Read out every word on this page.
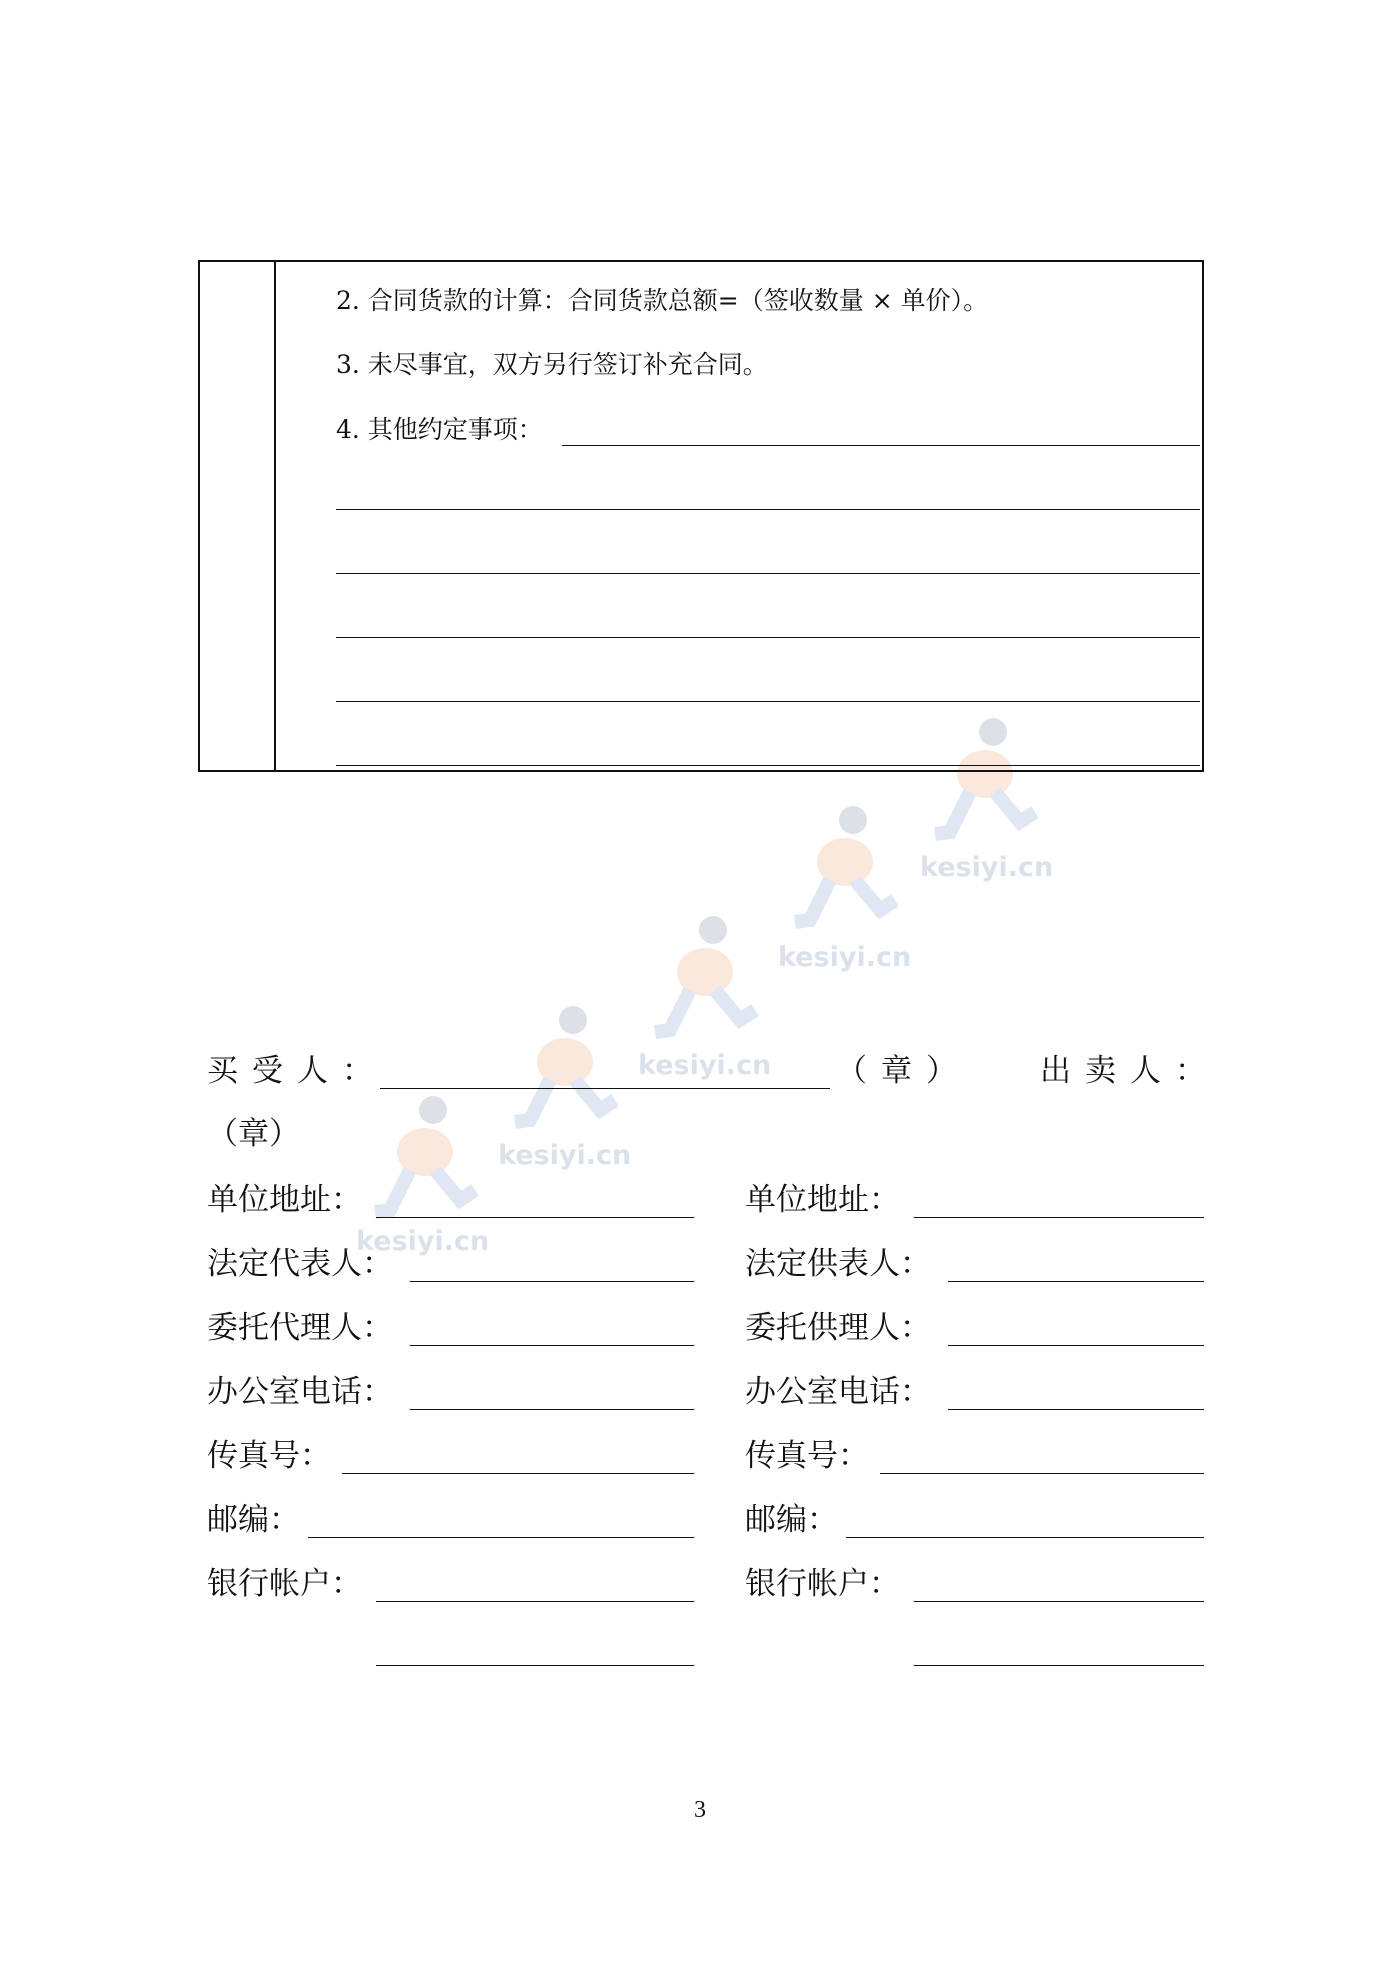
kesiyi.cn
kesiyi.cn
kesiyi.cn
kesiyi.cn
kesiyi.cn
2. 合同货款的计算：合同货款总额=（签收数量 × 单价）。
3. 未尽事宜，双方另行签订补充合同。
4. 其他约定事项：
买受人：	（章） 出卖人：
（章）
单位地址：
法定代表人：
委托代理人：
办公室电话：
传真号：
邮编：
银行帐户：
单位地址：
法定供表人：
委托供理人：
办公室电话：
传真号：
邮编：
银行帐户：
3
